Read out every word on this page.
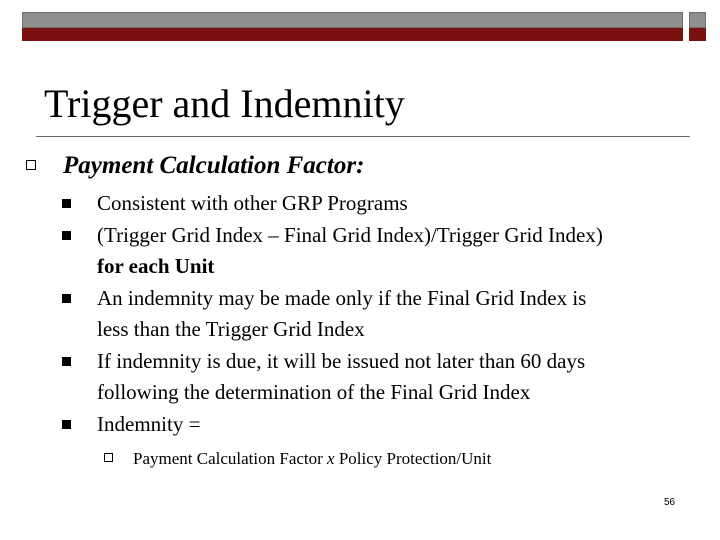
Trigger and Indemnity
Payment Calculation Factor:
Consistent with other GRP Programs
(Trigger Grid Index – Final Grid Index)/Trigger Grid Index)
for each Unit
An indemnity may be made only if the Final Grid Index is
less than the Trigger Grid Index
If indemnity is due, it will be issued not later than 60 days
following the determination of the Final Grid Index
Indemnity =
Payment Calculation Factor x Policy Protection/Unit
56
